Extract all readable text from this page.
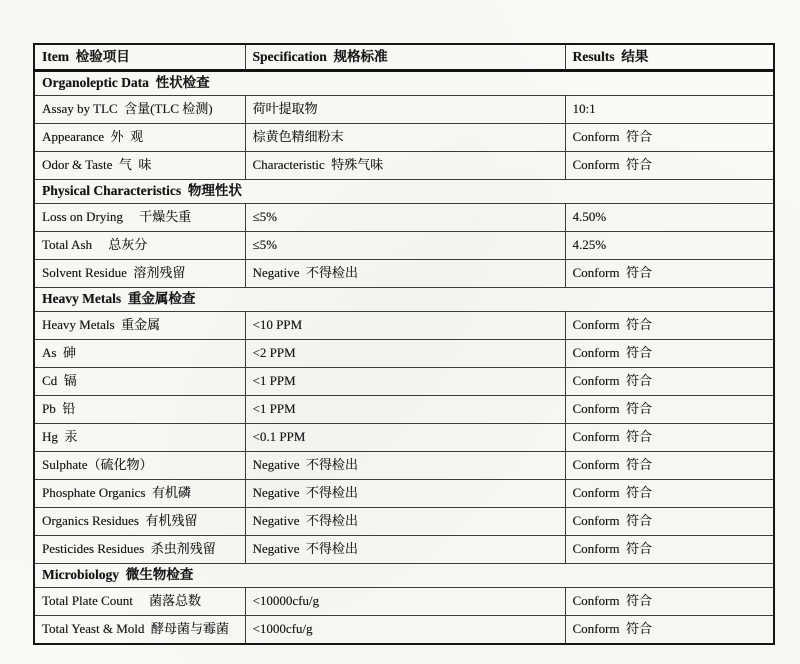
Item  检验项目	Specification  规格标准	Results  结果
Organoleptic Data  性状检查		
Assay by TLC  含量(TLC 检测)	荷叶提取物	10:1
Appearance  外  观	棕黄色精细粉末	Conform  符合
Odor & Taste  气  味	Characteristic  特殊气味	Conform  符合
Physical Characteristics  物理性状		
Loss on Drying     干燥失重	≤5%	4.50%
Total Ash     总灰分	≤5%	4.25%
Solvent Residue  溶剂残留	Negative  不得检出	Conform  符合
Heavy Metals  重金属检查		
Heavy Metals  重金属	<10 PPM	Conform  符合
As  砷	<2 PPM	Conform  符合
Cd  镉	<1 PPM	Conform  符合
Pb  铅	<1 PPM	Conform  符合
Hg  汞	<0.1 PPM	Conform  符合
Sulphate（硫化物）	Negative  不得检出	Conform  符合
Phosphate Organics  有机磷	Negative  不得检出	Conform  符合
Organics Residues  有机残留	Negative  不得检出	Conform  符合
Pesticides Residues  杀虫剂残留	Negative  不得检出	Conform  符合
Microbiology  微生物检查		
Total Plate Count     菌落总数	<10000cfu/g	Conform  符合
Total Yeast & Mold  酵母菌与霉菌	<1000cfu/g	Conform  符合
